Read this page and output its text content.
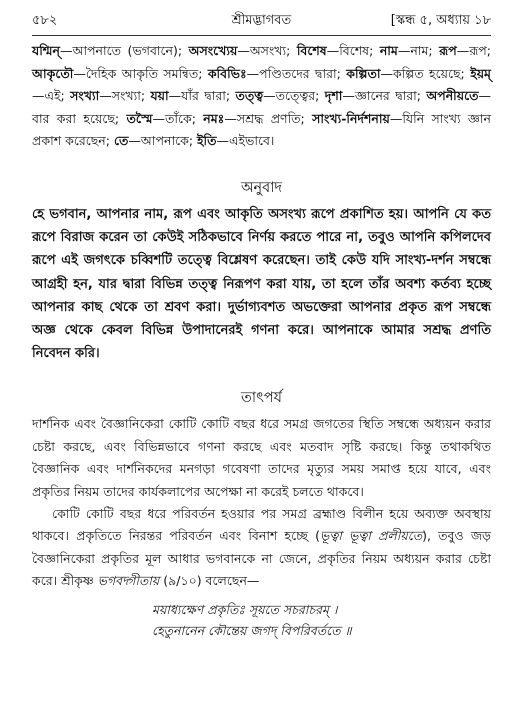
৫৮২	শ্রীমদ্ভাগবত	[স্কন্ধ ৫, অধ্যায় ১৮

যশ্মিন্—আপনাতে (ভগবানে); অসংখ্যেয়—অসংখ্য; বিশেষ—বিশেষ; নাম—নাম; রূপ—রূপ; আকৃতৌ—দৈহিক আকৃতি সমন্বিত; কবিভিঃ—পণ্ডিতদের দ্বারা; কল্পিতা—কল্পিত হয়েছে; ইয়ম্—এই; সংখ্যা—সংখ্যা; যয়া—যাঁর দ্বারা; তত্ত্ব—তত্ত্বের; দৃশা—জ্ঞানের দ্বারা; অপনীয়তে—বার করা হয়েছে; তস্মৈ—তাঁকে; নমঃ—সশ্রদ্ধ প্রণতি; সাংখ্য-নির্দশনায়—যিনি সাংখ্য জ্ঞান প্রকাশ করেছেন; তে—আপনাকে; ইতি—এইভাবে।

অনুবাদ

হে ভগবান, আপনার নাম, রূপ এবং আকৃতি অসংখ্য রূপে প্রকাশিত হয়। আপনি যে কত রূপে বিরাজ করেন তা কেউই সঠিকভাবে নির্ণয় করতে পারে না, তবুও আপনি কপিলদেব রূপে এই জগৎকে চব্বিশটি তত্ত্বে বিশ্লেষণ করেছেন। তাই কেউ যদি সাংখ্য-দর্শন সম্বন্ধে আগ্রহী হন, যার দ্বারা বিভিন্ন তত্ত্ব নিরূপণ করা যায়, তা হলে তাঁর অবশ্য কর্তব্য হচ্ছে আপনার কাছ থেকে তা শ্রবণ করা। দুর্ভাগ্যবশত অভক্তেরা আপনার প্রকৃত রূপ সম্বন্ধে অজ্ঞ থেকে কেবল বিভিন্ন উপাদানেরই গণনা করে। আপনাকে আমার সশ্রদ্ধ প্রণতি নিবেদন করি।

তাৎপর্য

দার্শনিক এবং বৈজ্ঞানিকেরা কোটি কোটি বছর ধরে সমগ্র জগতের স্থিতি সম্বন্ধে অধ্যয়ন করার চেষ্টা করছে, এবং বিভিন্নভাবে গণনা করছে এবং মতবাদ সৃষ্টি করছে। কিন্তু তথাকথিত বৈজ্ঞানিক এবং দার্শনিকদের মনগড়া গবেষণা তাদের মৃত্যুর সময় সমাপ্ত হয়ে যাবে, এবং প্রকৃতির নিয়ম তাদের কার্যকলাপের অপেক্ষা না করেই চলতে থাকবে।

কোটি কোটি বছর ধরে পরিবর্তন হওয়ার পর সমগ্র ব্রহ্মাণ্ড বিলীন হয়ে অব্যক্ত অবস্থায় থাকবে। প্রকৃতিতে নিরন্তর পরিবর্তন এবং বিনাশ হচ্ছে (ভূত্বা ভূত্বা প্রলীয়তে), তবুও জড় বৈজ্ঞানিকেরা প্রকৃতির মূল আধার ভগবানকে না জেনে, প্রকৃতির নিয়ম অধ্যয়ন করার চেষ্টা করে। শ্রীকৃষ্ণ ভগবদ্গীতায় (৯/১০) বলেছেন—

ময়াধ্যক্ষেণ প্রকৃতিঃ সূয়তে সচরাচরম্ ।
হেতুনানেন কৌন্তেয় জগদ্ বিপরিবর্ততে ॥
